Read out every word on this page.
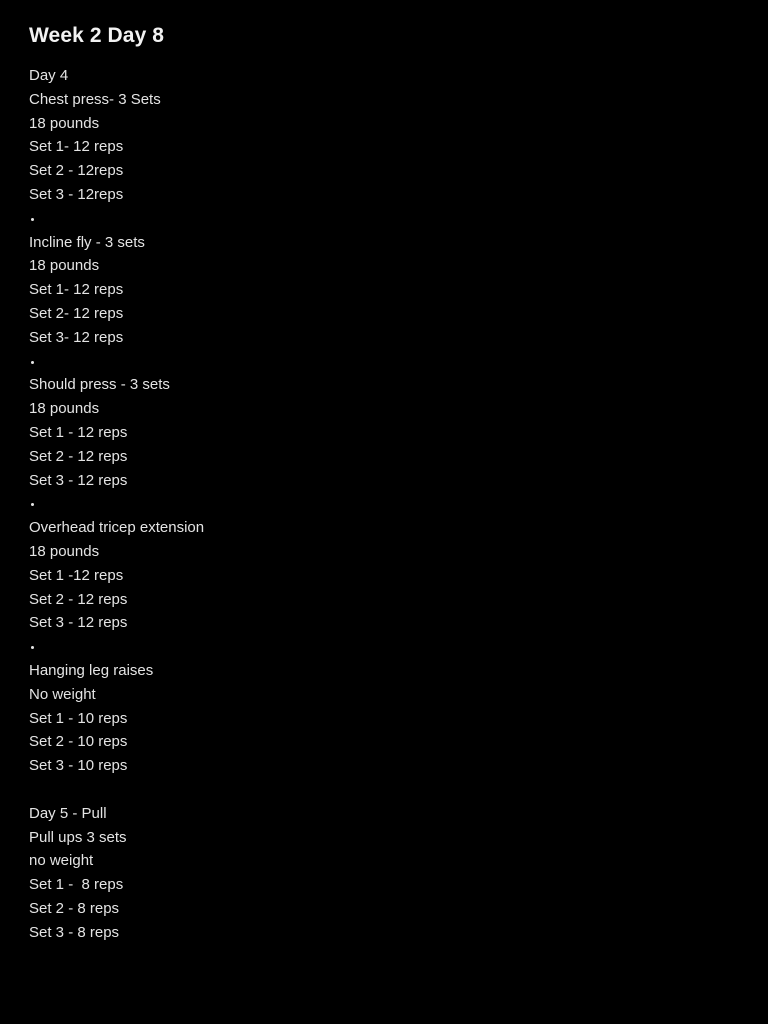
Week 2 Day 8
Day 4
Chest press- 3 Sets
18 pounds
Set 1- 12 reps
Set 2 - 12reps
Set 3 - 12reps
Incline fly - 3 sets
18 pounds
Set 1- 12 reps
Set 2- 12 reps
Set 3- 12 reps
Should press - 3 sets
18 pounds
Set 1 - 12 reps
Set 2 - 12 reps
Set 3 - 12 reps
Overhead tricep extension
18 pounds
Set 1 -12 reps
Set 2 - 12 reps
Set 3 - 12 reps
Hanging leg raises
No weight
Set 1 - 10 reps
Set 2 - 10 reps
Set 3 - 10 reps
Day 5 - Pull
Pull ups 3 sets
no weight
Set 1 -  8 reps
Set 2 - 8 reps
Set 3 - 8 reps
